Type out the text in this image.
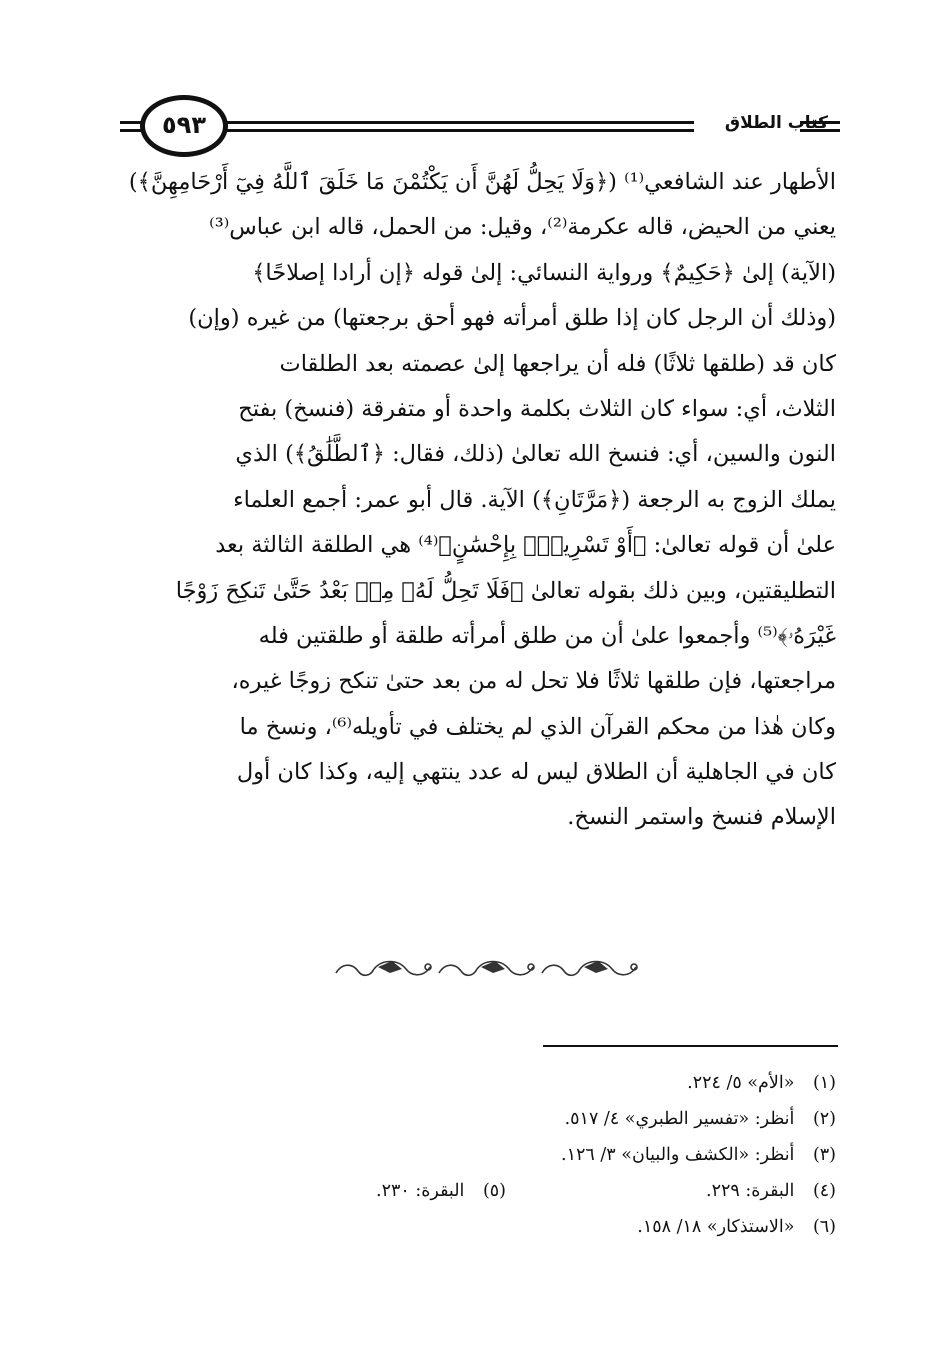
كتاب الطلاق
٥٩٣
الأطهار عند الشافعي⁽¹⁾ (﴿وَلَا يَحِلُّ لَهُنَّ أَن يَكْتُمْنَ مَا خَلَقَ ٱللَّهُ فِيٓ أَرْحَامِهِنَّ﴾)
يعني من الحيض، قاله عكرمة⁽²⁾، وقيل: من الحمل، قاله ابن عباس⁽³⁾
(الآية) إلىٰ ﴿حَكِيمٌ﴾ ورواية النسائي: إلىٰ قوله ﴿إن أرادا إصلاحًا﴾
(وذلك أن الرجل كان إذا طلق أمرأته فهو أحق برجعتها) من غيره (وإن)
كان قد (طلقها ثلاثًا) فله أن يراجعها إلىٰ عصمته بعد الطلقات
الثلاث، أي: سواء كان الثلاث بكلمة واحدة أو متفرقة (فنسخ) بفتح
النون والسين، أي: فنسخ الله تعالىٰ (ذلك، فقال: ﴿ٱلطَّلَٰقُ﴾) الذي
يملك الزوج به الرجعة (﴿مَرَّتَانِ﴾) الآية. قال أبو عمر: أجمع العلماء
علىٰ أن قوله تعالىٰ: ﴿أَوْ تَسْرِيحٌۢ بِإِحْسَٰنٍ﴾⁽⁴⁾ هي الطلقة الثالثة بعد
التطليقتين، وبين ذلك بقوله تعالىٰ ﴿فَلَا تَحِلُّ لَهُۥ مِنۢ بَعْدُ حَتَّىٰ تَنكِحَ زَوْجًا
غَيْرَهُۥ﴾⁽⁵⁾ وأجمعوا علىٰ أن من طلق أمرأته طلقة أو طلقتين فله
مراجعتها، فإن طلقها ثلاثًا فلا تحل له من بعد حتىٰ تنكح زوجًا غيره،
وكان هٰذا من محكم القرآن الذي لم يختلف في تأويله⁽⁶⁾، ونسخ ما
كان في الجاهلية أن الطلاق ليس له عدد ينتهي إليه، وكذا كان أول
الإسلام فنسخ واستمر النسخ.
(١) «الأم» ٥/ ٢٢٤.
(٢) أنظر: «تفسير الطبري» ٤/ ٥١٧.
(٣) أنظر: «الكشف والبيان» ٣/ ١٢٦.
(٤) البقرة: ٢٢٩.
(٥) البقرة: ٢٣٠.
(٦) «الاستذكار» ١٨/ ١٥٨.
